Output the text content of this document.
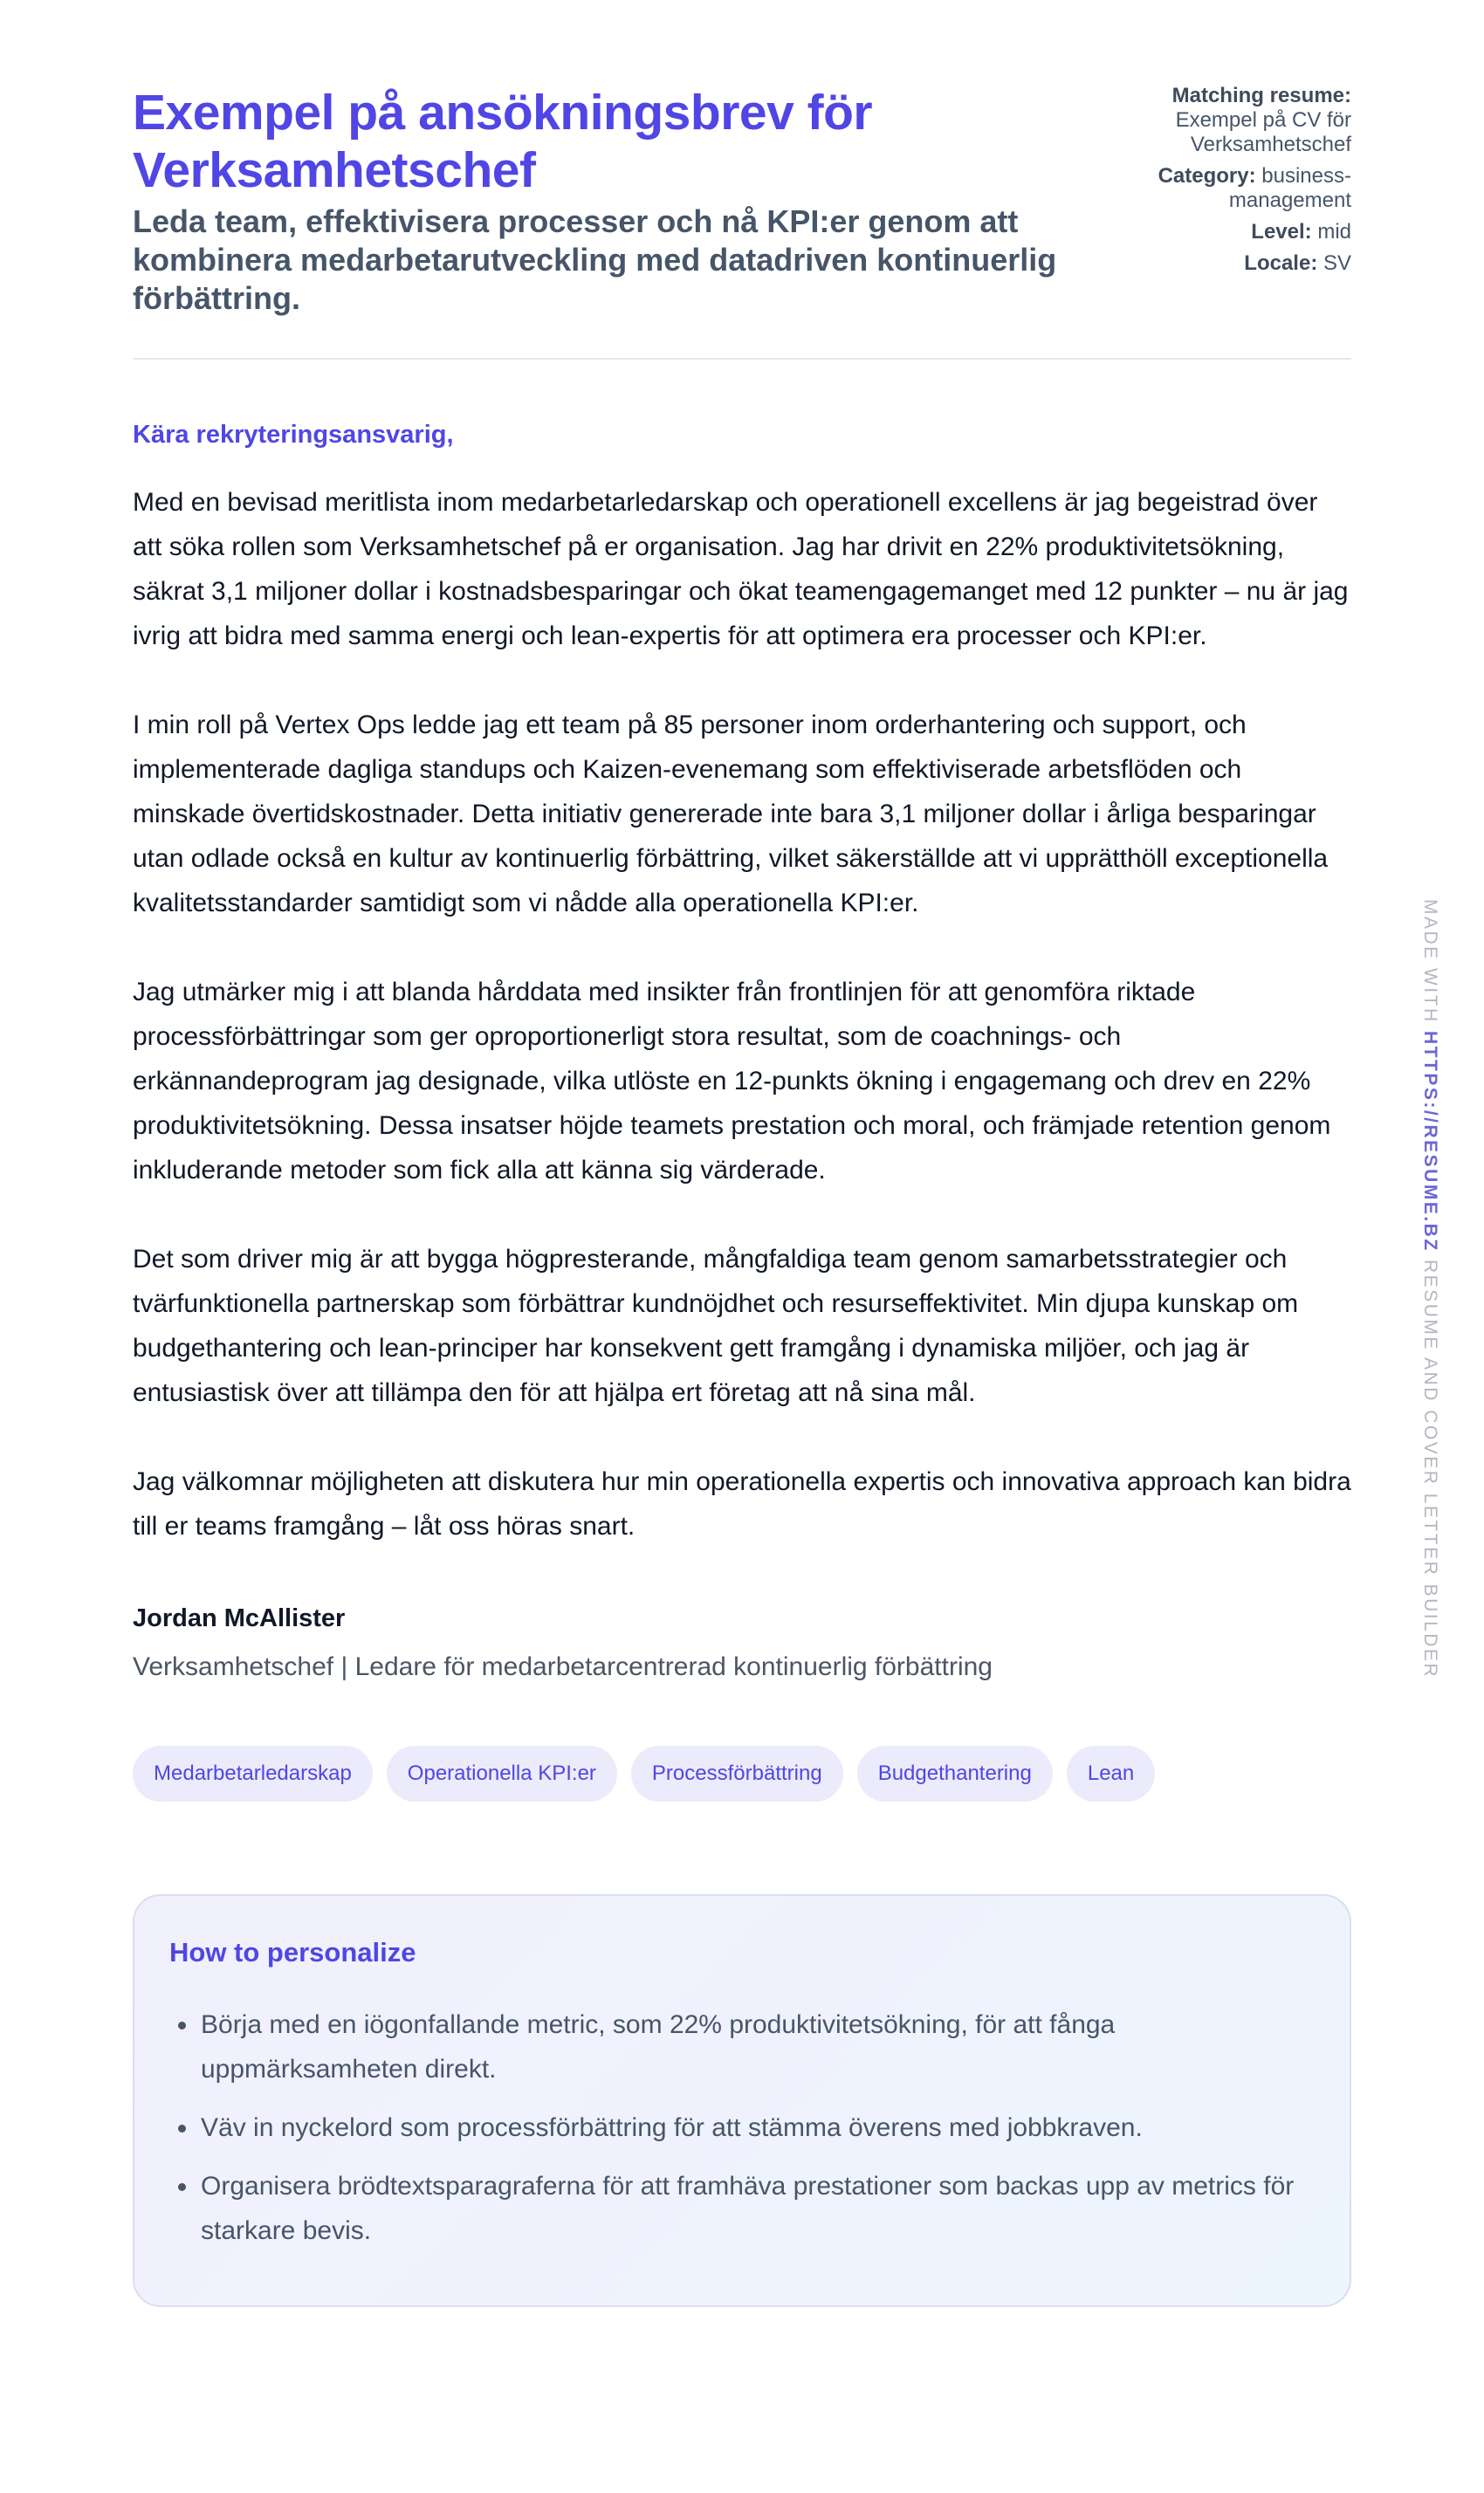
Exempel på ansökningsbrev för Verksamhetschef
Leda team, effektivisera processer och nå KPI:er genom att kombinera medarbetarutveckling med datadriven kontinuerlig förbättring.
Matching resume:
Exempel på CV för Verksamhetschef
Category: business-management
Level: mid
Locale: SV

Kära rekryteringsansvarig,

Med en bevisad meritlista inom medarbetarledarskap och operationell excellens är jag begeistrad över att söka rollen som Verksamhetschef på er organisation. Jag har drivit en 22% produktivitetsökning, säkrat 3,1 miljoner dollar i kostnadsbesparingar och ökat teamengagemanget med 12 punkter – nu är jag ivrig att bidra med samma energi och lean-expertis för att optimera era processer och KPI:er.

I min roll på Vertex Ops ledde jag ett team på 85 personer inom orderhantering och support, och implementerade dagliga standups och Kaizen-evenemang som effektiviserade arbetsflöden och minskade övertidskostnader. Detta initiativ genererade inte bara 3,1 miljoner dollar i årliga besparingar utan odlade också en kultur av kontinuerlig förbättring, vilket säkerställde att vi upprätthöll exceptionella kvalitetsstandarder samtidigt som vi nådde alla operationella KPI:er.

Jag utmärker mig i att blanda hårddata med insikter från frontlinjen för att genomföra riktade processförbättringar som ger oproportionerligt stora resultat, som de coachnings- och erkännandeprogram jag designade, vilka utlöste en 12-punkts ökning i engagemang och drev en 22% produktivitetsökning. Dessa insatser höjde teamets prestation och moral, och främjade retention genom inkluderande metoder som fick alla att känna sig värderade.

Det som driver mig är att bygga högpresterande, mångfaldiga team genom samarbetsstrategier och tvärfunktionella partnerskap som förbättrar kundnöjdhet och resurseffektivitet. Min djupa kunskap om budgethantering och lean-principer har konsekvent gett framgång i dynamiska miljöer, och jag är entusiastisk över att tillämpa den för att hjälpa ert företag att nå sina mål.

Jag välkomnar möjligheten att diskutera hur min operationella expertis och innovativa approach kan bidra till er teams framgång – låt oss höras snart.

Jordan McAllister
Verksamhetschef | Ledare för medarbetarcentrerad kontinuerlig förbättring
Medarbetarledarskap	Operationella KPI:er	Processförbättring	Budgethantering	Lean
How to personalize
Börja med en iögonfallande metric, som 22% produktivitetsökning, för att fånga uppmärksamheten direkt.
Väv in nyckelord som processförbättring för att stämma överens med jobbkraven.
Organisera brödtextsparagraferna för att framhäva prestationer som backas upp av metrics för starkare bevis.
MADE WITH HTTPS://RESUME.BZ RESUME AND COVER LETTER BUILDER
